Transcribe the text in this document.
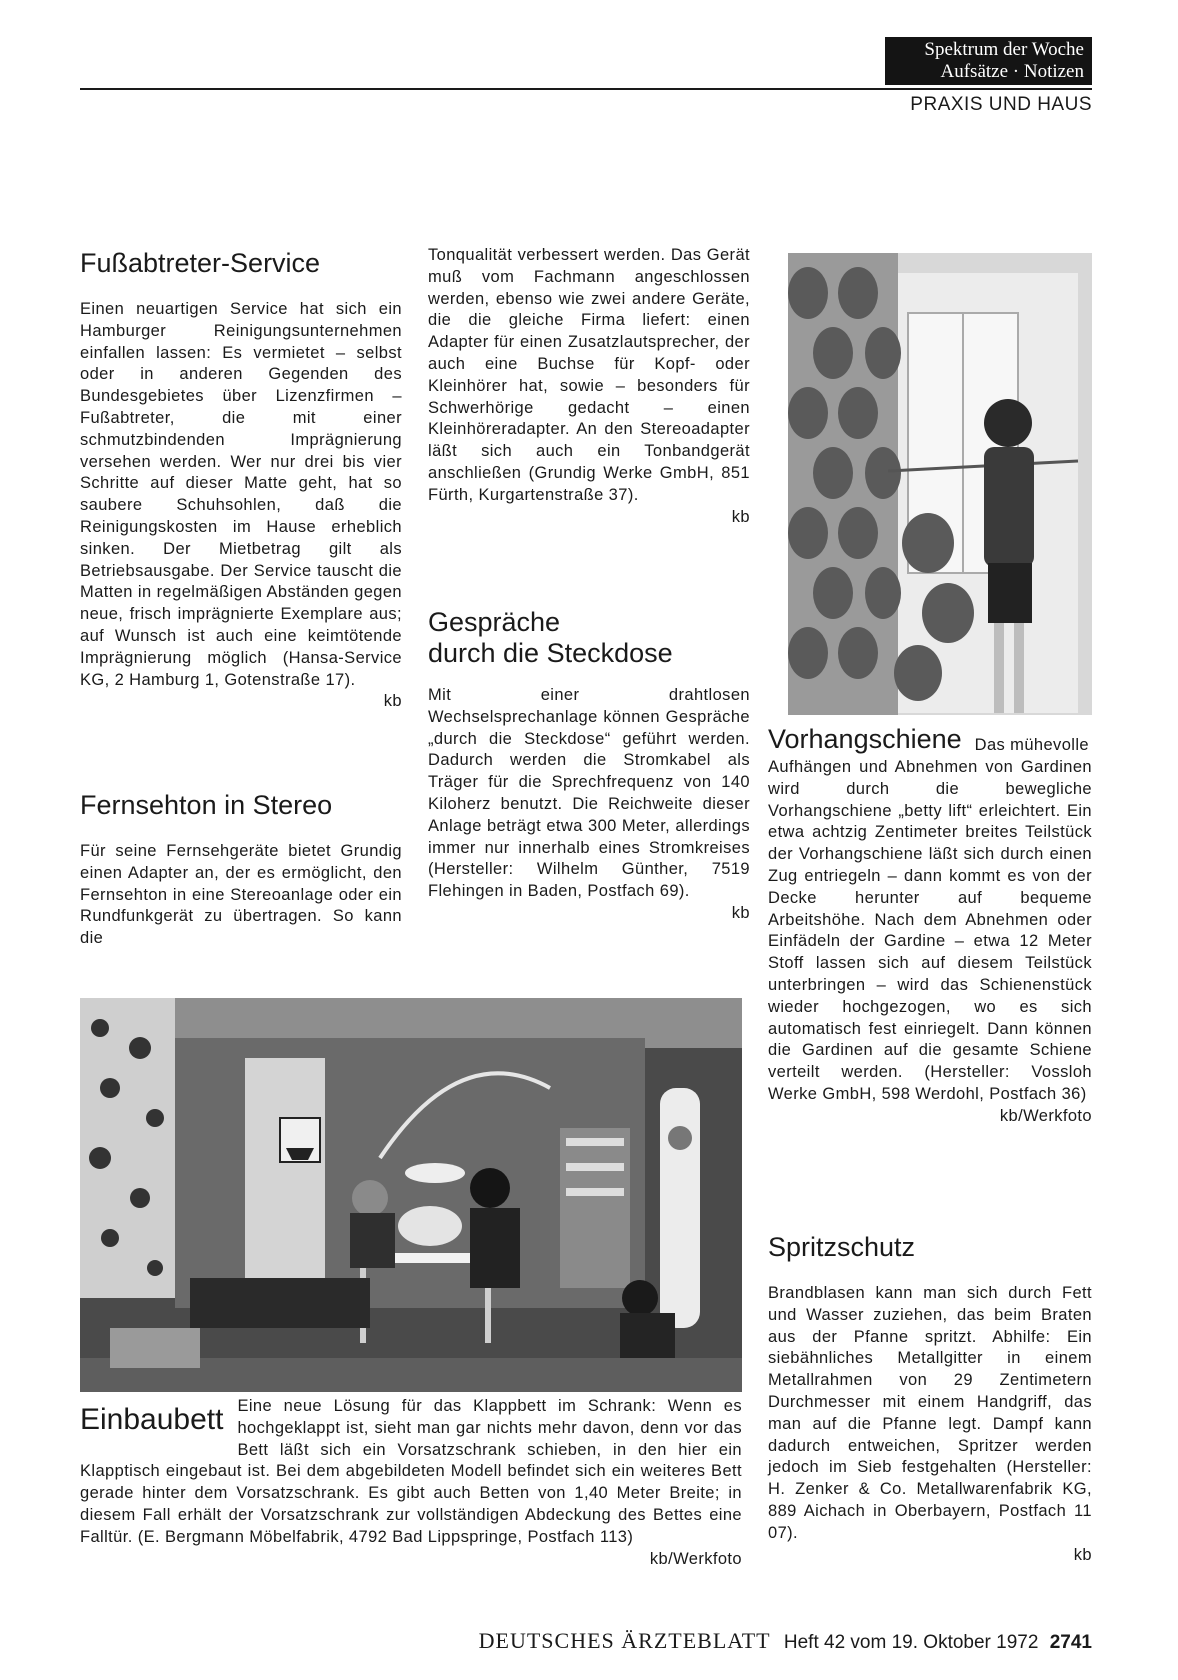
Spektrum der Woche
Aufsätze · Notizen
PRAXIS UND HAUS
Fußabtreter-Service

Einen neuartigen Service hat sich ein Hamburger Reinigungsunternehmen einfallen lassen: Es vermietet – selbst oder in anderen Gegenden des Bundesgebietes über Lizenzfirmen – Fußabtreter, die mit einer schmutzbindenden Imprägnierung versehen werden. Wer nur drei bis vier Schritte auf dieser Matte geht, hat so saubere Schuhsohlen, daß die Reinigungskosten im Hause erheblich sinken. Der Mietbetrag gilt als Betriebsausgabe. Der Service tauscht die Matten in regelmäßigen Abständen gegen neue, frisch imprägnierte Exemplare aus; auf Wunsch ist auch eine keimtötende Imprägnierung möglich (Hansa-Service KG, 2 Hamburg 1, Gotenstraße 17).

kb
Fernsehton in Stereo

Für seine Fernsehgeräte bietet Grundig einen Adapter an, der es ermöglicht, den Fernsehton in eine Stereoanlage oder ein Rundfunkgerät zu übertragen. So kann die

Tonqualität verbessert werden. Das Gerät muß vom Fachmann angeschlossen werden, ebenso wie zwei andere Geräte, die die gleiche Firma liefert: einen Adapter für einen Zusatzlautsprecher, der auch eine Buchse für Kopf- oder Kleinhörer hat, sowie – besonders für Schwerhörige gedacht – einen Kleinhöreradapter. An den Stereoadapter läßt sich auch ein Tonbandgerät anschließen (Grundig Werke GmbH, 851 Fürth, Kurgartenstraße 37).

kb
Gespräche
durch die Steckdose

Mit einer drahtlosen Wechselsprechanlage können Gespräche „durch die Steckdose“ geführt werden. Dadurch werden die Stromkabel als Träger für die Sprechfrequenz von 140 Kiloherz benutzt. Die Reichweite dieser Anlage beträgt etwa 300 Meter, allerdings immer nur innerhalb eines Stromkreises (Hersteller: Wilhelm Günther, 7519 Flehingen in Baden, Postfach 69).

kb
Vorhangschiene Das mühevolle

Aufhängen und Abnehmen von Gardinen wird durch die bewegliche Vorhangschiene „betty lift“ erleichtert. Ein etwa achtzig Zentimeter breites Teilstück der Vorhangschiene läßt sich durch einen Zug entriegeln – dann kommt es von der Decke herunter auf bequeme Arbeitshöhe. Nach dem Abnehmen oder Einfädeln der Gardine – etwa 12 Meter Stoff lassen sich auf diesem Teilstück unterbringen – wird das Schienenstück wieder hochgezogen, wo es sich automatisch fest einriegelt. Dann können die Gardinen auf die gesamte Schiene verteilt werden. (Hersteller: Vossloh Werke GmbH, 598 Werdohl, Postfach 36)

kb/Werkfoto
Spritzschutz

Brandblasen kann man sich durch Fett und Wasser zuziehen, das beim Braten aus der Pfanne spritzt. Abhilfe: Ein siebähnliches Metallgitter in einem Metallrahmen von 29 Zentimetern Durchmesser mit einem Handgriff, das man auf die Pfanne legt. Dampf kann dadurch entweichen, Spritzer werden jedoch im Sieb festgehalten (Hersteller: H. Zenker & Co. Metallwarenfabrik KG, 889 Aichach in Oberbayern, Postfach 11 07).

kb
Einbaubett Eine neue Lösung für das Klappbett im Schrank: Wenn es hochgeklappt ist, sieht man gar nichts mehr davon, denn vor das Bett läßt sich ein Vorsatzschrank schieben, in den hier ein Klapptisch eingebaut ist. Bei dem abgebildeten Modell befindet sich ein weiteres Bett gerade hinter dem Vorsatzschrank. Es gibt auch Betten von 1,40 Meter Breite; in diesem Fall erhält der Vorsatzschrank zur vollständigen Abdeckung des Bettes eine Falltür. (E. Bergmann Möbelfabrik, 4792 Bad Lippspringe, Postfach 113)

kb/Werkfoto
DEUTSCHES ÄRZTEBLATT Heft 42 vom 19. Oktober 1972 2741
